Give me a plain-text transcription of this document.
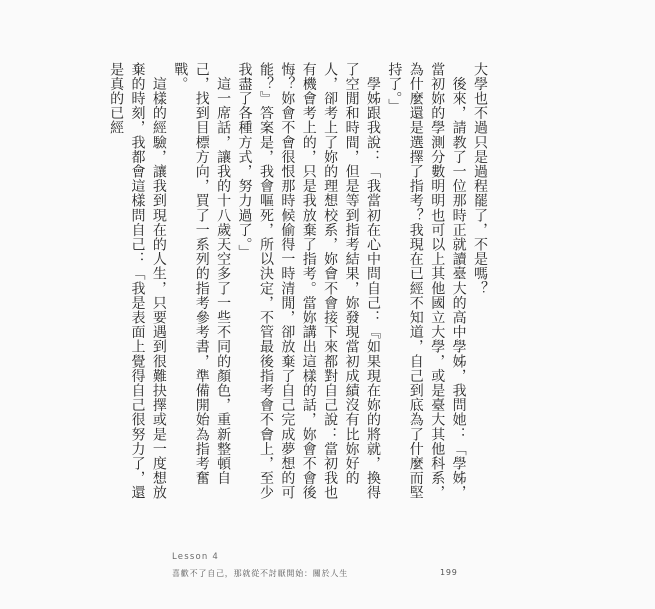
大學也不過只是過程罷了，不是嗎？

　後來，請教了一位那時正就讀臺大的高中學姊，我問她：「學姊，當初妳的學測分數明明也可以上其他國立大學，或是臺大其他科系，為什麼還是選擇了指考？我現在已經不知道，自己到底為了什麼而堅持了。」

　學姊跟我說：「我當初在心中問自己：『如果現在妳的將就，換得了空閒和時間，但是等到指考結果，妳發現當初成績沒有比妳好的人，卻考上了妳的理想校系，妳會不會接下來都對自己說：當初我也有機會考上的，只是我放棄了指考。當妳講出這樣的話，妳會不會後悔？妳會不會很恨那時候偷得一時清閒，卻放棄了自己完成夢想的可能？』答案是，我會嘔死，所以決定，不管最後指考會不會上，至少我盡了各種方式，努力過了。」

　這一席話，讓我的十八歲天空多了一些不同的顏色，重新整頓自己，找到目標方向，買了一系列的指考參考書，準備開始為指考奮戰。

　這樣的經驗，讓我到現在的人生，只要遇到很難抉擇或是一度想放棄的時刻，我都會這樣問自己：「我是表面上覺得自己很努力了，還是真的已經

Lesson 4
喜歡不了自己，那就從不討厭開始：關於人生	199
